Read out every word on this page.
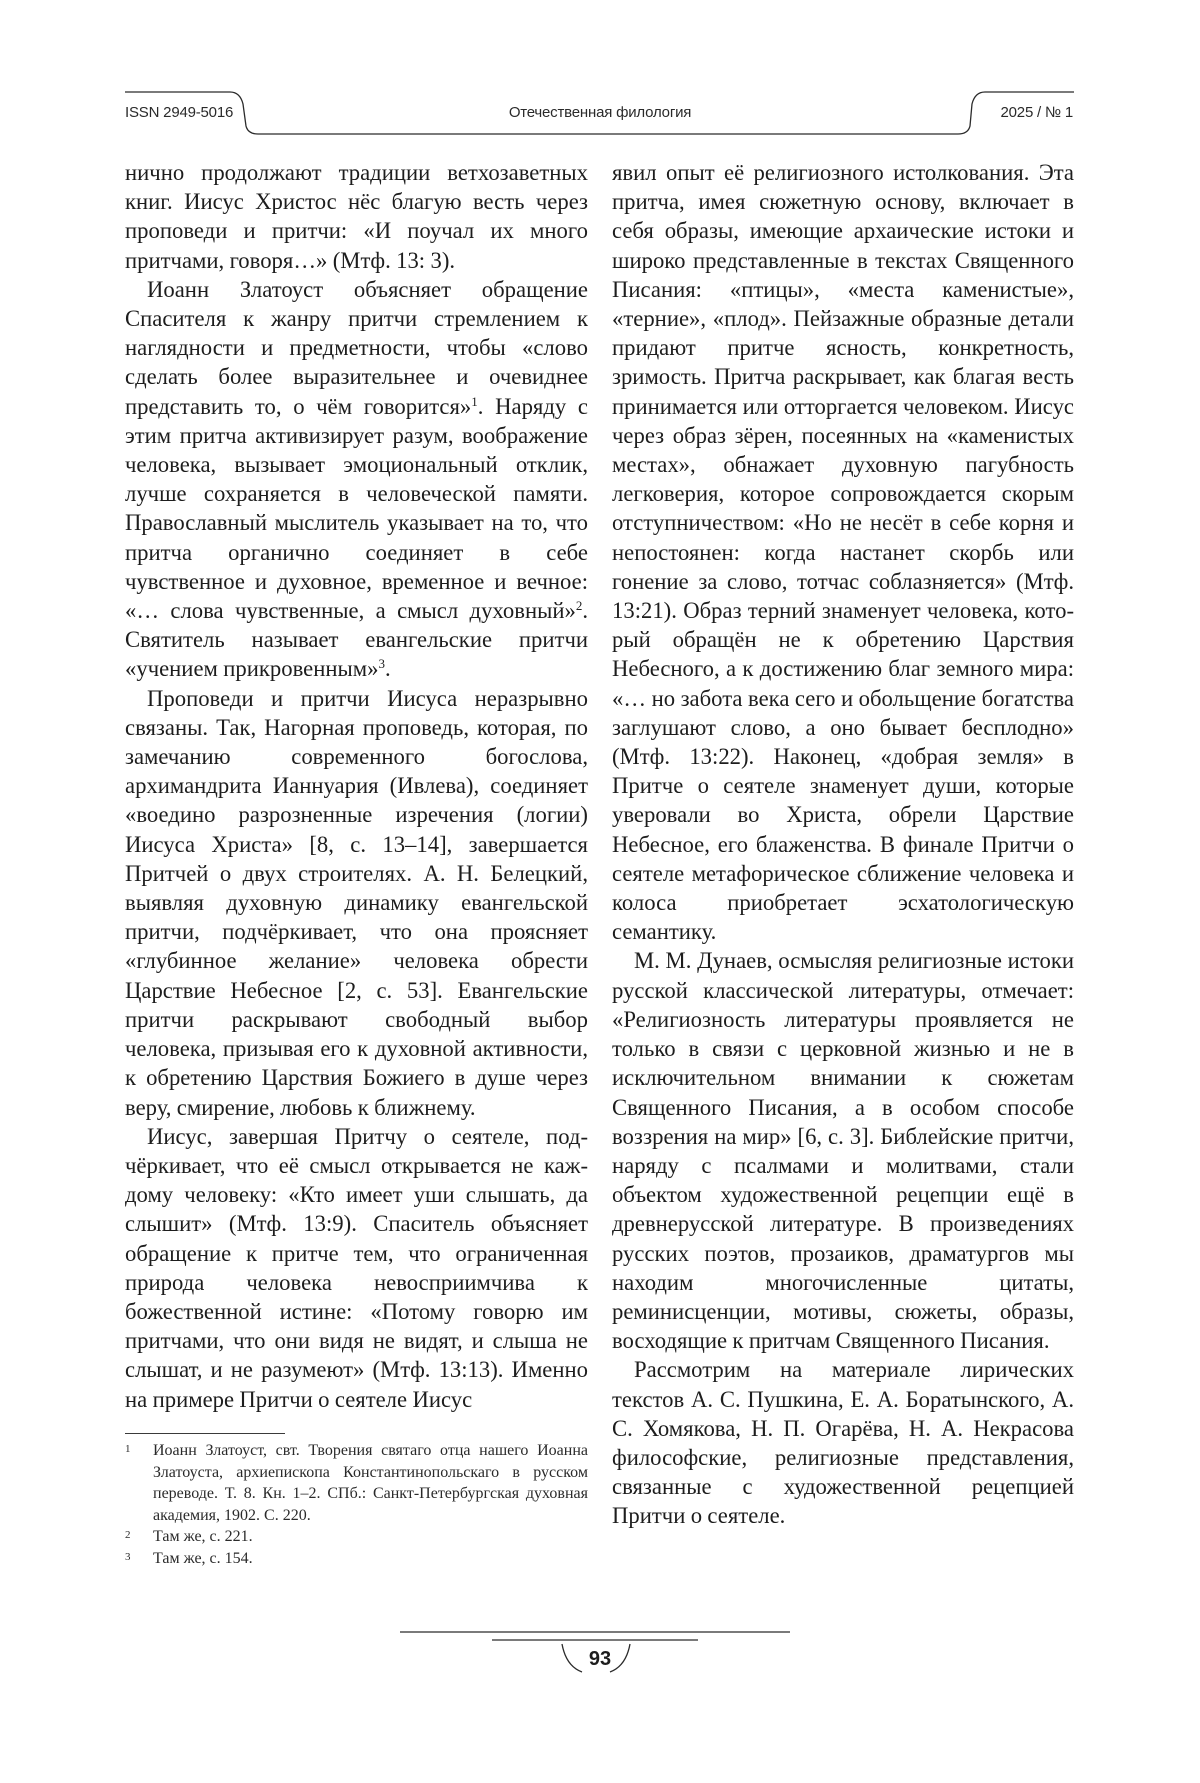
ISSN 2949-5016	Отечественная филология	2025 / № 1

нично продолжают традиции ветхозаветных книг. Иисус Христос нёс благую весть через проповеди и притчи: «И поучал их много притчами, говоря…» (Мтф. 13: 3).

Иоанн Златоуст объясняет обращение Спасителя к жанру притчи стремлением к наглядности и предметности, чтобы «слово сделать более выразительнее и очевиднее представить то, о чём говорится»$^1$. Наряду с этим притча активизирует разум, воображение человека, вызывает эмоциональный отклик, лучше сохраняется в человеческой памяти. Православный мыслитель указывает на то, что притча органично соединяет в себе чувственное и духовное, временное и вечное: «… слова чувственные, а смысл духовный»$^2$. Святитель называет евангельские притчи «учением прикровенным»$^3$.

Проповеди и притчи Иисуса неразрывно связаны. Так, Нагорная проповедь, которая, по замечанию современного богослова, архимандрита Ианнуария (Ивлева), соединяет «воедино разрозненные изречения (логии) Иисуса Христа» [8, с. 13–14], завершается Притчей о двух строителях. А. Н. Белецкий, выявляя духовную динамику евангельской притчи, подчёркивает, что она проясняет «глубинное желание» человека обрести Царствие Небесное [2, с. 53]. Евангельские притчи раскрывают свободный выбор человека, призывая его к духовной активности, к обретению Царствия Божиего в душе через веру, смирение, любовь к ближнему.

Иисус, завершая Притчу о сеятеле, подчёркивает, что её смысл открывается не каждому человеку: «Кто имеет уши слышать, да слышит» (Мтф. 13:9). Спаситель объясняет обращение к притче тем, что ограниченная природа человека невосприимчива к божественной истине: «Потому говорю им притчами, что они видя не видят, и слыша не слышат, и не разумеют» (Мтф. 13:13). Именно на примере Притчи о сеятеле Иисус

1	Иоанн Златоуст, свт. Творения святаго отца нашего Иоанна Златоуста, архиепископа Константинопольскаго в русском переводе. Т. 8. Кн. 1–2. СПб.: Санкт-Петербургская духовная академия, 1902. С. 220.
2	Там же, с. 221.
3	Там же, с. 154.

явил опыт её религиозного истолкования. Эта притча, имея сюжетную основу, включает в себя образы, имеющие архаические истоки и широко представленные в текстах Священного Писания: «птицы», «места каменистые», «терние», «плод». Пейзажные образные детали придают притче ясность, конкретность, зримость. Притча раскрывает, как благая весть принимается или отторгается человеком. Иисус через образ зёрен, посеянных на «каменистых местах», обнажает духовную пагубность легковерия, которое сопровождается скорым отступничеством: «Но не несёт в себе корня и непостоянен: когда настанет скорбь или гонение за слово, тотчас соблазняется» (Мтф. 13:21). Образ терний знаменует человека, который обращён не к обретению Царствия Небесного, а к достижению благ земного мира: «… но забота века сего и обольщение богатства заглушают слово, а оно бывает бесплодно» (Мтф. 13:22). Наконец, «добрая земля» в Притче о сеятеле знаменует души, которые уверовали во Христа, обрели Царствие Небесное, его блаженства. В финале Притчи о сеятеле метафорическое сближение человека и колоса приобретает эсхатологическую семантику.

М. М. Дунаев, осмысляя религиозные истоки русской классической литературы, отмечает: «Религиозность литературы проявляется не только в связи с церковной жизнью и не в исключительном внимании к сюжетам Священного Писания, а в особом способе воззрения на мир» [6, с. 3]. Библейские притчи, наряду с псалмами и молитвами, стали объектом художественной рецепции ещё в древнерусской литературе. В произведениях русских поэтов, прозаиков, драматургов мы находим многочисленные цитаты, реминисценции, мотивы, сюжеты, образы, восходящие к притчам Священного Писания.

Рассмотрим на материале лирических текстов А. С. Пушкина, Е. А. Боратынского, А. С. Хомякова, Н. П. Огарёва, Н. А. Некрасова философские, религиозные представления, связанные с художественной рецепцией Притчи о сеятеле.

93
